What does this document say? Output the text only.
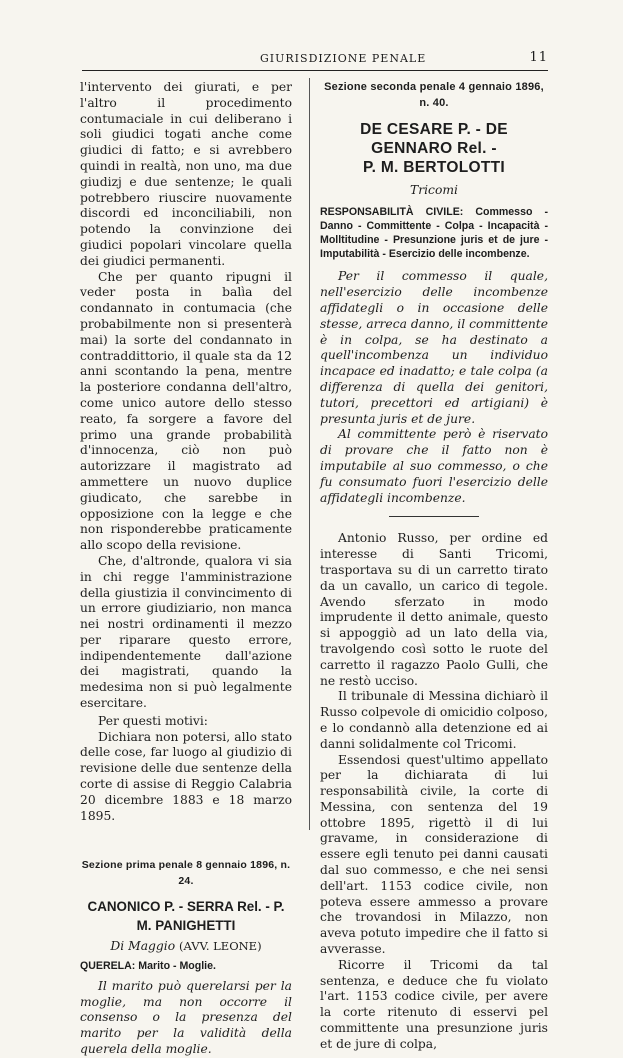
GIURISDIZIONE PENALE	11

l'intervento dei giurati, e per l'altro il procedimento contumaciale in cui deliberano i soli giudici togati anche come giudici di fatto; e si avrebbero quindi in realtà, non uno, ma due giudizj e due sentenze; le quali potrebbero riuscire nuovamente discordi ed inconciliabili, non potendo la convinzione dei giudici popolari vincolare quella dei giudici permanenti.

Che per quanto ripugni il veder posta in balìa del condannato in contumacia (che probabilmente non si presenterà mai) la sorte del condannato in contraddittorio, il quale sta da 12 anni scontando la pena, mentre la posteriore condanna dell'altro, come unico autore dello stesso reato, fa sorgere a favore del primo una grande probabilità d'innocenza, ciò non può autorizzare il magistrato ad ammettere un nuovo duplice giudicato, che sarebbe in opposizione con la legge e che non risponderebbe praticamente allo scopo della revisione.

Che, d'altronde, qualora vi sia in chi regge l'amministrazione della giustizia il convincimento di un errore giudiziario, non manca nei nostri ordinamenti il mezzo per riparare questo errore, indipendentemente dall'azione dei magistrati, quando la medesima non si può legalmente esercitare.

Per questi motivi:

Dichiara non potersi, allo stato delle cose, far luogo al giudizio di revisione delle due sentenze della corte di assise di Reggio Calabria 20 dicembre 1883 e 18 marzo 1895.

Sezione prima penale 8 gennaio 1896, n. 24.

CANONICO P. - SERRA Rel. - P. M. PANIGHETTI

Di Maggio (AVV. LEONE)

QUERELA: Marito - Moglie.

Il marito può querelarsi per la moglie, ma non occorre il consenso o la presenza del marito per la validità della querela della moglie.

Sezione seconda penale 4 gennaio 1896, n. 40.

DE CESARE P. - DE GENNARO Rel. -

P. M. BERTOLOTTI

Tricomi

RESPONSABILITÀ CIVILE: Commesso - Danno - Committente - Colpa - Incapacità - Molltitudine - Presunzione juris et de jure - Imputabilità - Esercizio delle incombenze.

Per il commesso il quale, nell'esercizio delle incombenze affidategli o in occasione delle stesse, arreca danno, il committente è in colpa, se ha destinato a quell'incombenza un individuo incapace ed inadatto; e tale colpa (a differenza di quella dei genitori, tutori, precettori ed artigiani) è presunta juris et de jure.

Al committente però è riservato di provare che il fatto non è imputabile al suo commesso, o che fu consumato fuori l'esercizio delle affidategli incombenze.

Antonio Russo, per ordine ed interesse di Santi Tricomi, trasportava su di un carretto tirato da un cavallo, un carico di tegole. Avendo sferzato in modo imprudente il detto animale, questo si appoggiò ad un lato della via, travolgendo così sotto le ruote del carretto il ragazzo Paolo Gulli, che ne restò ucciso.

Il tribunale di Messina dichiarò il Russo colpevole di omicidio colposo, e lo condannò alla detenzione ed ai danni solidalmente col Tricomi.

Essendosi quest'ultimo appellato per la dichiarata di lui responsabilità civile, la corte di Messina, con sentenza del 19 ottobre 1895, rigettò il di lui gravame, in considerazione di essere egli tenuto pei danni causati dal suo commesso, e che nei sensi dell'art. 1153 codice civile, non poteva essere ammesso a provare che trovandosi in Milazzo, non aveva potuto impedire che il fatto si avverasse.

Ricorre il Tricomi da tal sentenza, e deduce che fu violato l'art. 1153 codice civile, per avere la corte ritenuto di esservi pel committente una presunzione juris et de jure di colpa,
